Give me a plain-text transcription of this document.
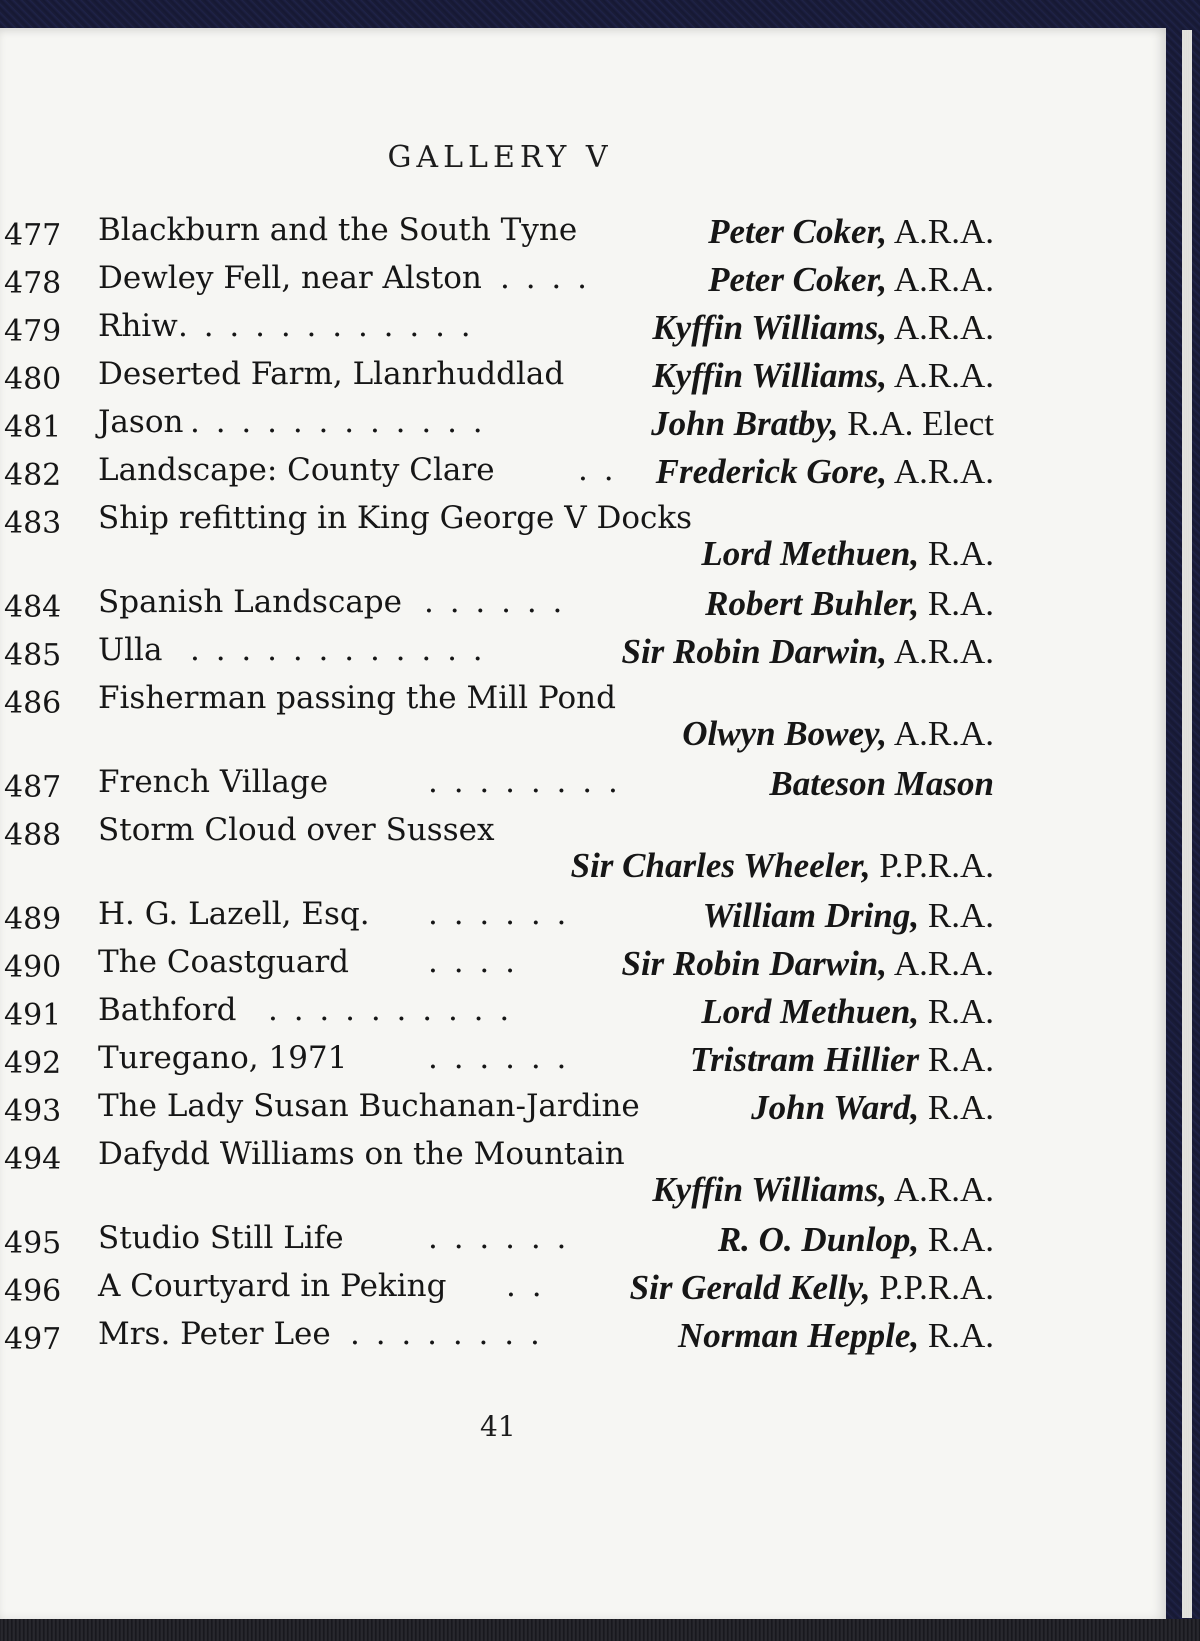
GALLERY V
477 Blackburn and the South Tyne	Peter Coker, A.R.A.
478 Dewley Fell, near Alston . . . .	Peter Coker, A.R.A.
479 Rhiw . . . . . . . . . . . .	Kyffin Williams, A.R.A.
480 Deserted Farm, Llanrhuddlad	Kyffin Williams, A.R.A.
481 Jason . . . . . . . . . . . .	John Bratby, R.A. Elect
482 Landscape: County Clare	. . Frederick Gore, A.R.A.
483 Ship refitting in King George V Docks
Lord Methuen, R.A.
484 Spanish Landscape . . . . . .	Robert Buhler, R.A.
485 Ulla . . . . . . . . . . . .	Sir Robin Darwin, A.R.A.
486 Fisherman passing the Mill Pond
Olwyn Bowey, A.R.A.
487 French Village	. . . . . . . .	Bateson Mason
488 Storm Cloud over Sussex
Sir Charles Wheeler, P.P.R.A.
489 H. G. Lazell, Esq. . . . . . .	William Dring, R.A.
490 The Coastguard	. . . .	Sir Robin Darwin, A.R.A.
491 Bathford . . . . . . . . . .	Lord Methuen, R.A.
492 Turegano, 1971	. . . . . .	Tristram Hillier R.A.
493 The Lady Susan Buchanan-Jardine	John Ward, R.A.
494 Dafydd Williams on the Mountain
Kyffin Williams, A.R.A.
495 Studio Still Life	. . . . . .	R. O. Dunlop, R.A.
496 A Courtyard in Peking . . Sir Gerald Kelly, P.P.R.A.
497 Mrs. Peter Lee . . . . . . . .	Norman Hepple, R.A.
41
